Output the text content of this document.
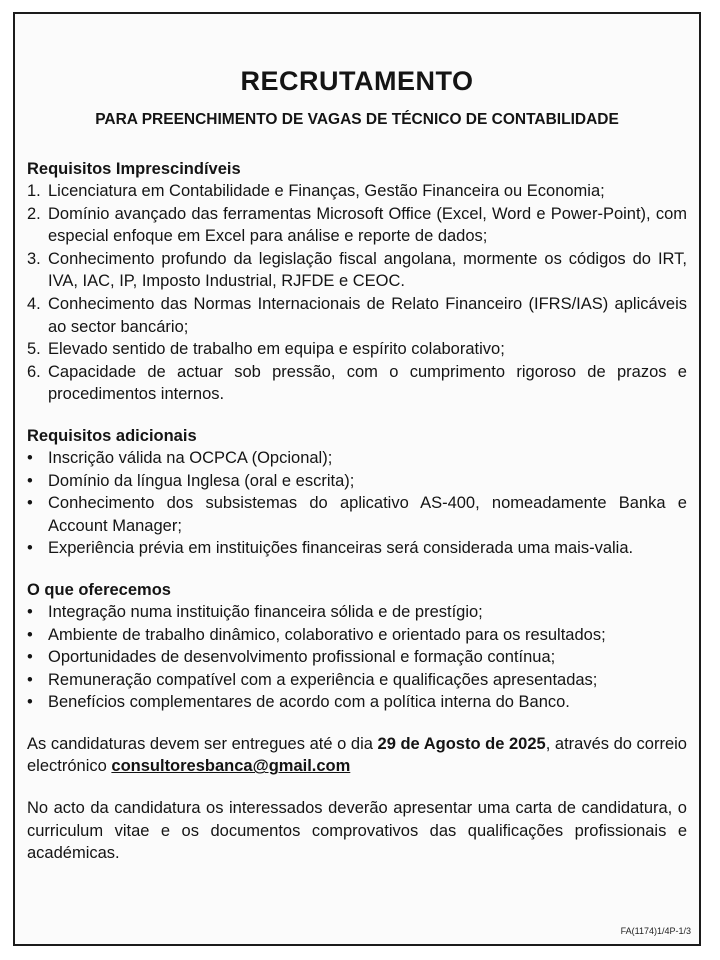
RECRUTAMENTO
PARA PREENCHIMENTO DE VAGAS DE TÉCNICO DE CONTABILIDADE
Requisitos Imprescindíveis
1. Licenciatura em Contabilidade e Finanças, Gestão Financeira ou Economia;
2. Domínio avançado das ferramentas Microsoft Office (Excel, Word e Power-Point), com especial enfoque em Excel para análise e reporte de dados;
3. Conhecimento profundo da legislação fiscal angolana, mormente os códigos do IRT, IVA, IAC, IP, Imposto Industrial, RJFDE e CEOC.
4. Conhecimento das Normas Internacionais de Relato Financeiro (IFRS/IAS) aplicáveis ao sector bancário;
5. Elevado sentido de trabalho em equipa e espírito colaborativo;
6. Capacidade de actuar sob pressão, com o cumprimento rigoroso de prazos e procedimentos internos.
Requisitos adicionais
• Inscrição válida na OCPCA (Opcional);
• Domínio da língua Inglesa (oral e escrita);
• Conhecimento dos subsistemas do aplicativo AS-400, nomeadamente Banka e Account Manager;
• Experiência prévia em instituições financeiras será considerada uma mais-valia.
O que oferecemos
• Integração numa instituição financeira sólida e de prestígio;
• Ambiente de trabalho dinâmico, colaborativo e orientado para os resultados;
• Oportunidades de desenvolvimento profissional e formação contínua;
• Remuneração compatível com a experiência e qualificações apresentadas;
• Benefícios complementares de acordo com a política interna do Banco.

As candidaturas devem ser entregues até o dia 29 de Agosto de 2025, através do correio electrónico consultoresbanca@gmail.com

No acto da candidatura os interessados deverão apresentar uma carta de candidatura, o curriculum vitae e os documentos comprovativos das qualificações profissionais e académicas.

FA(1174)1/4P-1/3
